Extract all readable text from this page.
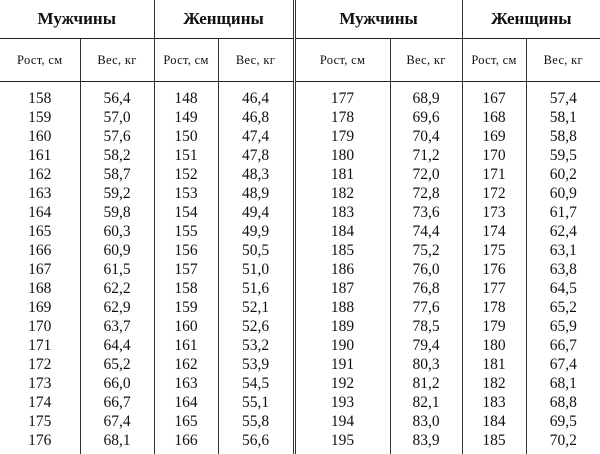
Мужчины		Женщины		Мужчины		Женщины	
Рост, см	Вес, кг	Рост, см	Вес, кг	Рост, см	Вес, кг	Рост, см	Вес, кг

158	56,4	148	46,4	177	68,9	167	57,4
159	57,0	149	46,8	178	69,6	168	58,1
160	57,6	150	47,4	179	70,4	169	58,8
161	58,2	151	47,8	180	71,2	170	59,5
162	58,7	152	48,3	181	72,0	171	60,2
163	59,2	153	48,9	182	72,8	172	60,9
164	59,8	154	49,4	183	73,6	173	61,7
165	60,3	155	49,9	184	74,4	174	62,4
166	60,9	156	50,5	185	75,2	175	63,1
167	61,5	157	51,0	186	76,0	176	63,8
168	62,2	158	51,6	187	76,8	177	64,5
169	62,9	159	52,1	188	77,6	178	65,2
170	63,7	160	52,6	189	78,5	179	65,9
171	64,4	161	53,2	190	79,4	180	66,7
172	65,2	162	53,9	191	80,3	181	67,4
173	66,0	163	54,5	192	81,2	182	68,1
174	66,7	164	55,1	193	82,1	183	68,8
175	67,4	165	55,8	194	83,0	184	69,5
176	68,1	166	56,6	195	83,9	185	70,2
